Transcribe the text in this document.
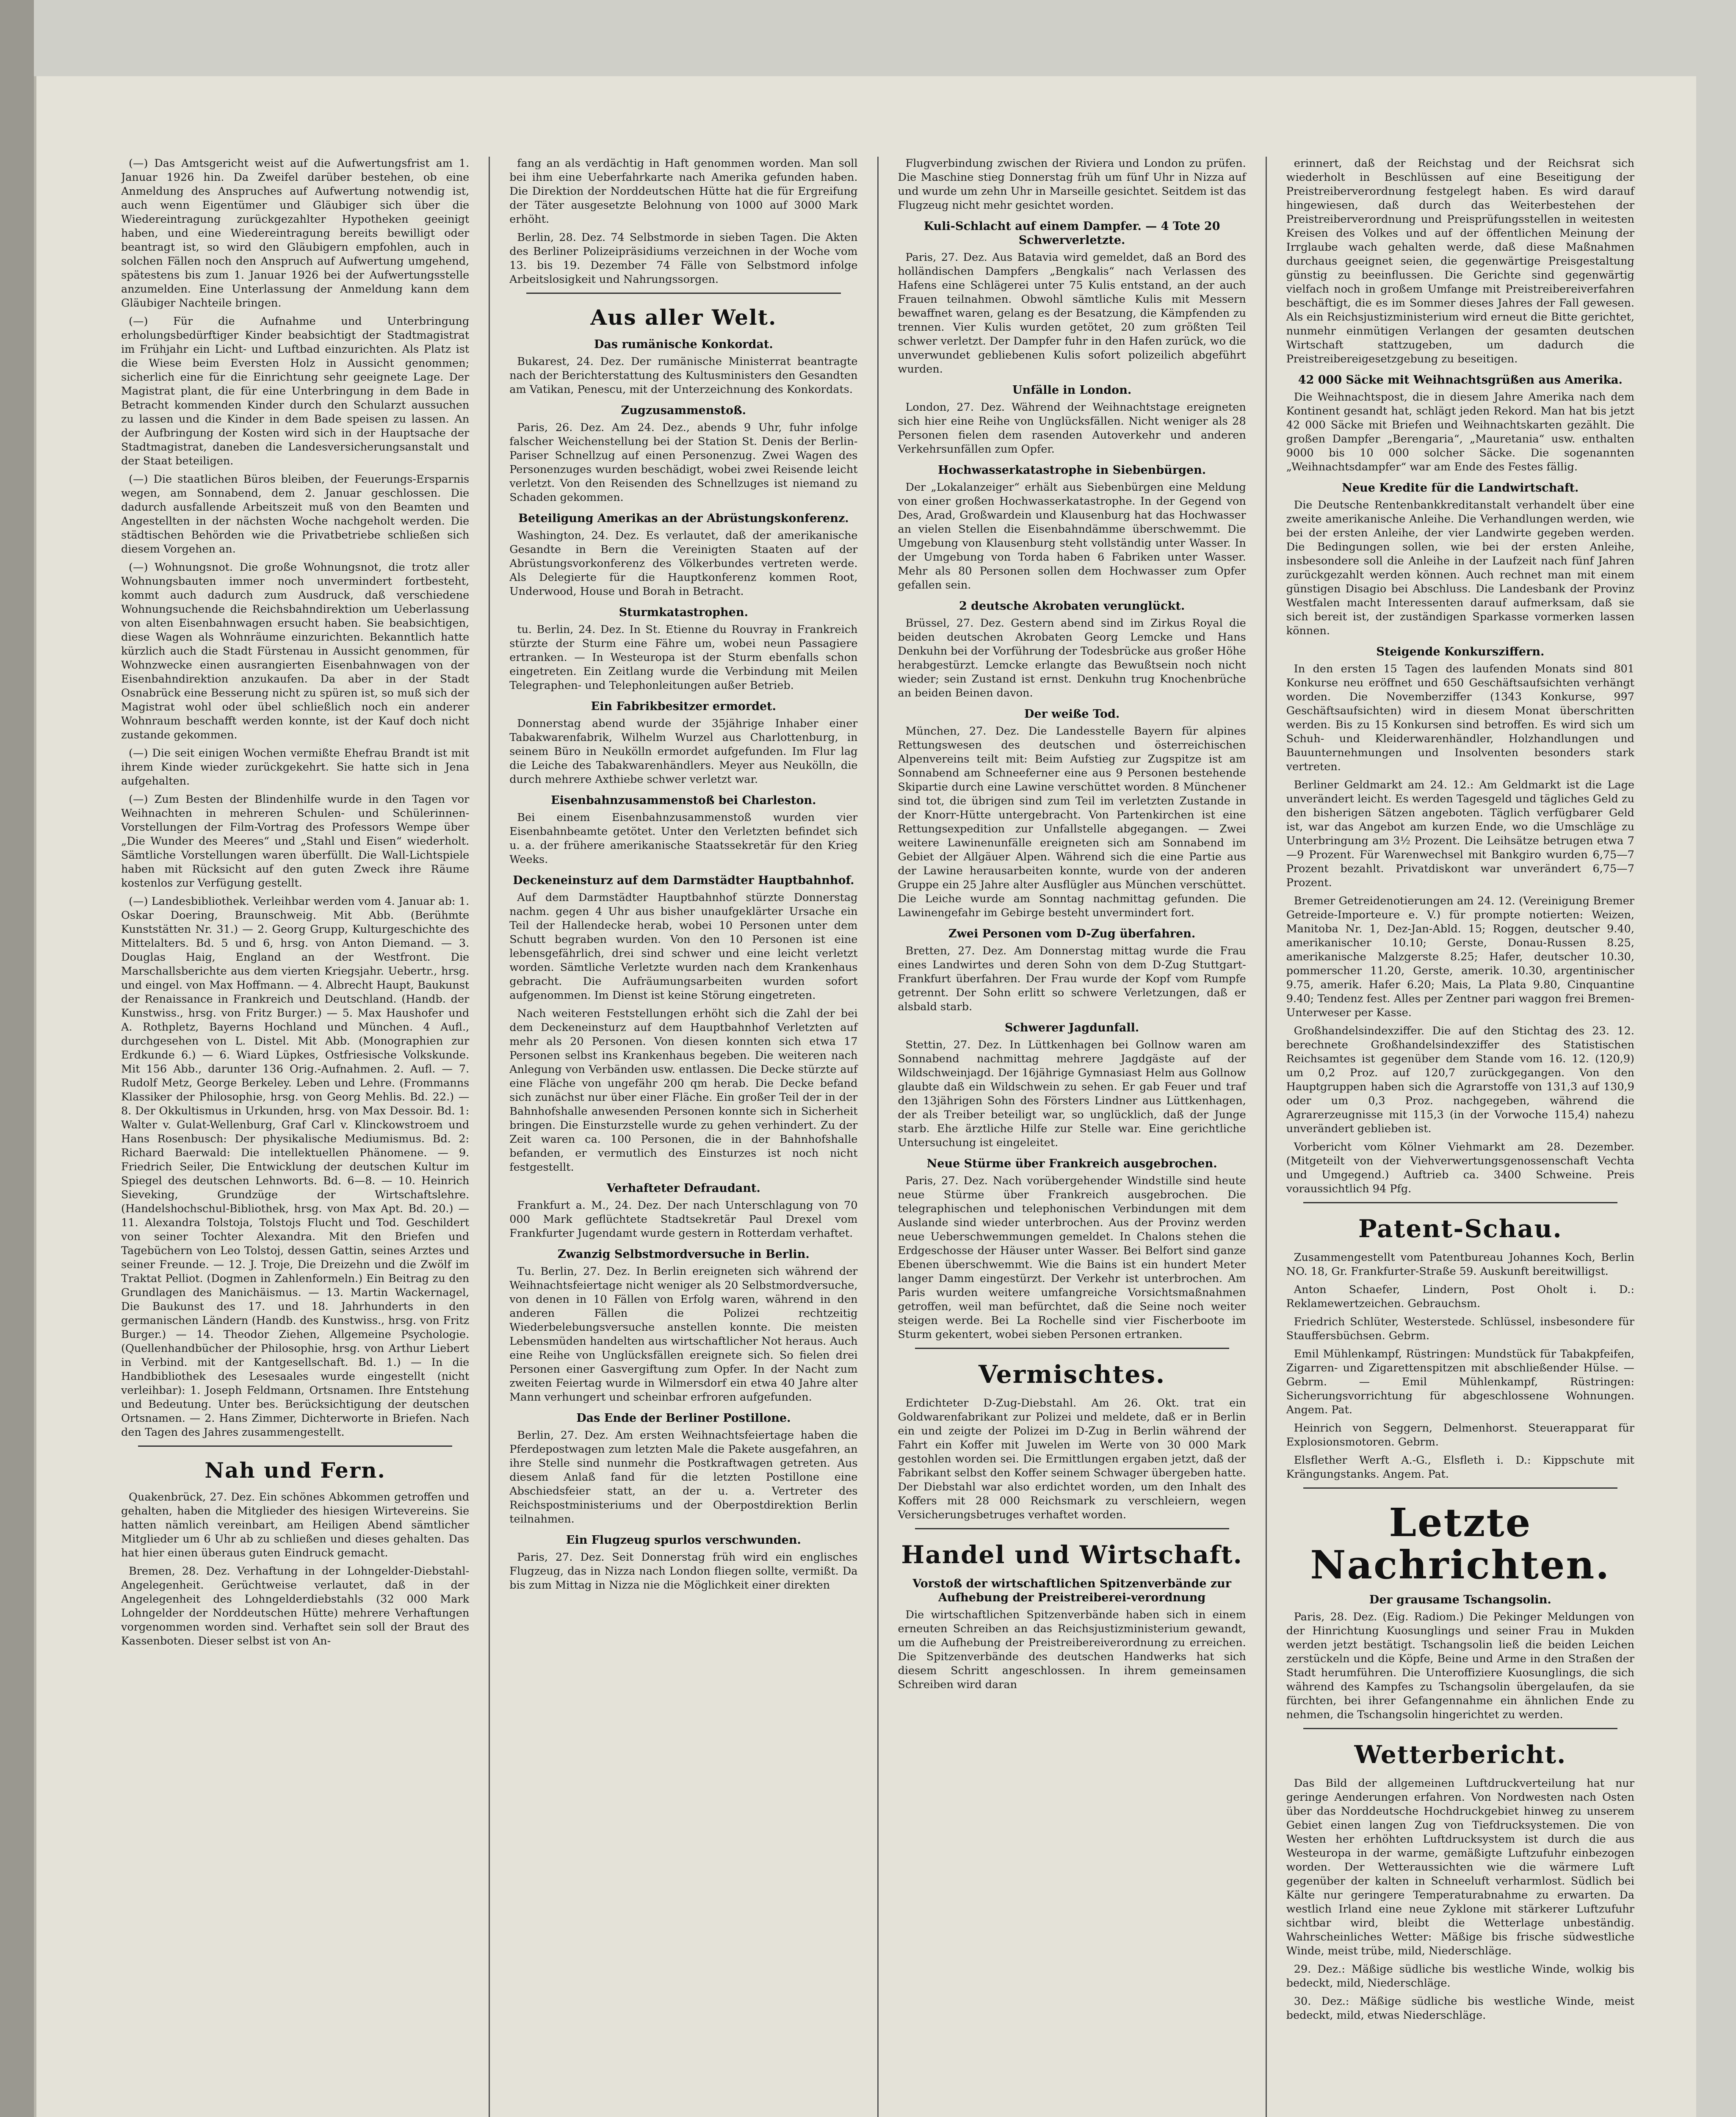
(—) Das Amtsgericht weist auf die Aufwertungsfrist am 1. Januar 1926 hin. Da Zweifel darüber bestehen, ob eine Anmeldung des Anspruches auf Aufwertung notwendig ist, auch wenn Eigentümer und Gläubiger sich über die Wiedereintragung zurückgezahlter Hypotheken geeinigt haben, und eine Wiedereintragung bereits bewilligt oder beantragt ist, so wird den Gläubigern empfohlen, auch in solchen Fällen noch den Anspruch auf Aufwertung umgehend, spätestens bis zum 1. Januar 1926 bei der Aufwertungsstelle anzumelden. Eine Unterlassung der Anmeldung kann dem Gläubiger Nachteile bringen.

(—) Für die Aufnahme und Unterbringung erholungsbedürftiger Kinder beabsichtigt der Stadtmagistrat im Frühjahr ein Licht- und Luftbad einzurichten. Als Platz ist die Wiese beim Eversten Holz in Aussicht genommen; sicherlich eine für die Einrichtung sehr geeignete Lage. Der Magistrat plant, die für eine Unterbringung in dem Bade in Betracht kommenden Kinder durch den Schularzt aussuchen zu lassen und die Kinder in dem Bade speisen zu lassen. An der Aufbringung der Kosten wird sich in der Hauptsache der Stadtmagistrat, daneben die Landesversicherungsanstalt und der Staat beteiligen.

(—) Die staatlichen Büros bleiben, der Feuerungs-Ersparnis wegen, am Sonnabend, dem 2. Januar geschlossen. Die dadurch ausfallende Arbeitszeit muß von den Beamten und Angestellten in der nächsten Woche nachgeholt werden. Die städtischen Behörden wie die Privatbetriebe schließen sich diesem Vorgehen an.

(—) Wohnungsnot. Die große Wohnungsnot, die trotz aller Wohnungsbauten immer noch unvermindert fortbesteht, kommt auch dadurch zum Ausdruck, daß verschiedene Wohnungsuchende die Reichsbahndirektion um Ueberlassung von alten Eisenbahnwagen ersucht haben. Sie beabsichtigen, diese Wagen als Wohnräume einzurichten. Bekanntlich hatte kürzlich auch die Stadt Fürstenau in Aussicht genommen, für Wohnzwecke einen ausrangierten Eisenbahnwagen von der Eisenbahndirektion anzukaufen. Da aber in der Stadt Osnabrück eine Besserung nicht zu spüren ist, so muß sich der Magistrat wohl oder übel schließlich noch ein anderer Wohnraum beschafft werden konnte, ist der Kauf doch nicht zustande gekommen.

(—) Die seit einigen Wochen vermißte Ehefrau Brandt ist mit ihrem Kinde wieder zurückgekehrt. Sie hatte sich in Jena aufgehalten.

(—) Zum Besten der Blindenhilfe wurde in den Tagen vor Weihnachten in mehreren Schulen- und Schülerinnen-Vorstellungen der Film-Vortrag des Professors Wempe über „Die Wunder des Meeres“ und „Stahl und Eisen“ wiederholt. Sämtliche Vorstellungen waren überfüllt. Die Wall-Lichtspiele haben mit Rücksicht auf den guten Zweck ihre Räume kostenlos zur Verfügung gestellt.

(—) Landesbibliothek. Verleihbar werden vom 4. Januar ab: 1. Oskar Doering, Braunschweig. Mit Abb. (Berühmte Kunststätten Nr. 31.) — 2. Georg Grupp, Kulturgeschichte des Mittelalters. Bd. 5 und 6, hrsg. von Anton Diemand. — 3. Douglas Haig, England an der Westfront. Die Marschallsberichte aus dem vierten Kriegsjahr. Uebertr., hrsg. und eingel. von Max Hoffmann. — 4. Albrecht Haupt, Baukunst der Renaissance in Frankreich und Deutschland. (Handb. der Kunstwiss., hrsg. von Fritz Burger.) — 5. Max Haushofer und A. Rothpletz, Bayerns Hochland und München. 4 Aufl., durchgesehen von L. Distel. Mit Abb. (Monographien zur Erdkunde 6.) — 6. Wiard Lüpkes, Ostfriesische Volkskunde. Mit 156 Abb., darunter 136 Orig.-Aufnahmen. 2. Aufl. — 7. Rudolf Metz, George Berkeley. Leben und Lehre. (Frommanns Klassiker der Philosophie, hrsg. von Georg Mehlis. Bd. 22.) — 8. Der Okkultismus in Urkunden, hrsg. von Max Dessoir. Bd. 1: Walter v. Gulat-Wellenburg, Graf Carl v. Klinckowstroem und Hans Rosenbusch: Der physikalische Mediumismus. Bd. 2: Richard Baerwald: Die intellektuellen Phänomene. — 9. Friedrich Seiler, Die Entwicklung der deutschen Kultur im Spiegel des deutschen Lehnworts. Bd. 6—8. — 10. Heinrich Sieveking, Grundzüge der Wirtschaftslehre. (Handelshochschul-Bibliothek, hrsg. von Max Apt. Bd. 20.) — 11. Alexandra Tolstoja, Tolstojs Flucht und Tod. Geschildert von seiner Tochter Alexandra. Mit den Briefen und Tagebüchern von Leo Tolstoj, dessen Gattin, seines Arztes und seiner Freunde. — 12. J. Troje, Die Dreizehn und die Zwölf im Traktat Pelliot. (Dogmen in Zahlenformeln.) Ein Beitrag zu den Grundlagen des Manichäismus. — 13. Martin Wackernagel, Die Baukunst des 17. und 18. Jahrhunderts in den germanischen Ländern (Handb. des Kunstwiss., hrsg. von Fritz Burger.) — 14. Theodor Ziehen, Allgemeine Psychologie. (Quellenhandbücher der Philosophie, hrsg. von Arthur Liebert in Verbind. mit der Kantgesellschaft. Bd. 1.) — In die Handbibliothek des Lesesaales wurde eingestellt (nicht verleihbar): 1. Joseph Feldmann, Ortsnamen. Ihre Entstehung und Bedeutung. Unter bes. Berücksichtigung der deutschen Ortsnamen. — 2. Hans Zimmer, Dichterworte in Briefen. Nach den Tagen des Jahres zusammengestellt.

Nah und Fern.

Quakenbrück, 27. Dez. Ein schönes Abkommen getroffen und gehalten, haben die Mitglieder des hiesigen Wirtevereins. Sie hatten nämlich vereinbart, am Heiligen Abend sämtlicher Mitglieder um 6 Uhr ab zu schließen und dieses gehalten. Das hat hier einen überaus guten Eindruck gemacht.

Bremen, 28. Dez. Verhaftung in der Lohngelder-Diebstahl-Angelegenheit. Gerüchtweise verlautet, daß in der Angelegenheit des Lohngelderdiebstahls (32 000 Mark Lohngelder der Norddeutschen Hütte) mehrere Verhaftungen vorgenommen worden sind. Verhaftet sein soll der Braut des Kassenboten. Dieser selbst ist von An-

fang an als verdächtig in Haft genommen worden. Man soll bei ihm eine Ueberfahrkarte nach Amerika gefunden haben. Die Direktion der Norddeutschen Hütte hat die für Ergreifung der Täter ausgesetzte Belohnung von 1000 auf 3000 Mark erhöht.

Berlin, 28. Dez. 74 Selbstmorde in sieben Tagen. Die Akten des Berliner Polizeipräsidiums verzeichnen in der Woche vom 13. bis 19. Dezember 74 Fälle von Selbstmord infolge Arbeitslosigkeit und Nahrungssorgen.

Aus aller Welt.
Das rumänische Konkordat.

Bukarest, 24. Dez. Der rumänische Ministerrat beantragte nach der Berichterstattung des Kultusministers den Gesandten am Vatikan, Penescu, mit der Unterzeichnung des Konkordats.

Zugzusammenstoß.

Paris, 26. Dez. Am 24. Dez., abends 9 Uhr, fuhr infolge falscher Weichenstellung bei der Station St. Denis der Berlin-Pariser Schnellzug auf einen Personenzug. Zwei Wagen des Personenzuges wurden beschädigt, wobei zwei Reisende leicht verletzt. Von den Reisenden des Schnellzuges ist niemand zu Schaden gekommen.

Beteiligung Amerikas an der Abrüstungskonferenz.

Washington, 24. Dez. Es verlautet, daß der amerikanische Gesandte in Bern die Vereinigten Staaten auf der Abrüstungsvorkonferenz des Völkerbundes vertreten werde. Als Delegierte für die Hauptkonferenz kommen Root, Underwood, House und Borah in Betracht.

Sturmkatastrophen.

tu. Berlin, 24. Dez. In St. Etienne du Rouvray in Frankreich stürzte der Sturm eine Fähre um, wobei neun Passagiere ertranken. — In Westeuropa ist der Sturm ebenfalls schon eingetreten. Ein Zeitlang wurde die Verbindung mit Meilen Telegraphen- und Telephonleitungen außer Betrieb.

Ein Fabrikbesitzer ermordet.

Donnerstag abend wurde der 35jährige Inhaber einer Tabakwarenfabrik, Wilhelm Wurzel aus Charlottenburg, in seinem Büro in Neukölln ermordet aufgefunden. Im Flur lag die Leiche des Tabakwarenhändlers. Meyer aus Neukölln, die durch mehrere Axthiebe schwer verletzt war.

Eisenbahnzusammenstoß bei Charleston.

Bei einem Eisenbahnzusammenstoß wurden vier Eisenbahnbeamte getötet. Unter den Verletzten befindet sich u. a. der frühere amerikanische Staatssekretär für den Krieg Weeks.

Deckeneinsturz auf dem Darmstädter Hauptbahnhof.

Auf dem Darmstädter Hauptbahnhof stürzte Donnerstag nachm. gegen 4 Uhr aus bisher unaufgeklärter Ursache ein Teil der Hallendecke herab, wobei 10 Personen unter dem Schutt begraben wurden. Von den 10 Personen ist eine lebensgefährlich, drei sind schwer und eine leicht verletzt worden. Sämtliche Verletzte wurden nach dem Krankenhaus gebracht. Die Aufräumungsarbeiten wurden sofort aufgenommen. Im Dienst ist keine Störung eingetreten.

Nach weiteren Feststellungen erhöht sich die Zahl der bei dem Deckeneinsturz auf dem Hauptbahnhof Verletzten auf mehr als 20 Personen. Von diesen konnten sich etwa 17 Personen selbst ins Krankenhaus begeben. Die weiteren nach Anlegung von Verbänden usw. entlassen. Die Decke stürzte auf eine Fläche von ungefähr 200 qm herab. Die Decke befand sich zunächst nur über einer Fläche. Ein großer Teil der in der Bahnhofshalle anwesenden Personen konnte sich in Sicherheit bringen. Die Einsturzstelle wurde zu gehen verhindert. Zu der Zeit waren ca. 100 Personen, die in der Bahnhofshalle befanden, er vermutlich des Einsturzes ist noch nicht festgestellt.

Verhafteter Defraudant.

Frankfurt a. M., 24. Dez. Der nach Unterschlagung von 70 000 Mark geflüchtete Stadtsekretär Paul Drexel vom Frankfurter Jugendamt wurde gestern in Rotterdam verhaftet.

Zwanzig Selbstmordversuche in Berlin.

Tu. Berlin, 27. Dez. In Berlin ereigneten sich während der Weihnachtsfeiertage nicht weniger als 20 Selbstmordversuche, von denen in 10 Fällen von Erfolg waren, während in den anderen Fällen die Polizei rechtzeitig Wiederbelebungsversuche anstellen konnte. Die meisten Lebensmüden handelten aus wirtschaftlicher Not heraus. Auch eine Reihe von Unglücksfällen ereignete sich. So fielen drei Personen einer Gasvergiftung zum Opfer. In der Nacht zum zweiten Feiertag wurde in Wilmersdorf ein etwa 40 Jahre alter Mann verhungert und scheinbar erfroren aufgefunden.

Das Ende der Berliner Postillone.

Berlin, 27. Dez. Am ersten Weihnachtsfeiertage haben die Pferdepostwagen zum letzten Male die Pakete ausgefahren, an ihre Stelle sind nunmehr die Postkraftwagen getreten. Aus diesem Anlaß fand für die letzten Postillone eine Abschiedsfeier statt, an der u. a. Vertreter des Reichspostministeriums und der Oberpostdirektion Berlin teilnahmen.

Ein Flugzeug spurlos verschwunden.

Paris, 27. Dez. Seit Donnerstag früh wird ein englisches Flugzeug, das in Nizza nach London fliegen sollte, vermißt. Da bis zum Mittag in Nizza nie die Möglichkeit einer direkten

Flugverbindung zwischen der Riviera und London zu prüfen. Die Maschine stieg Donnerstag früh um fünf Uhr in Nizza auf und wurde um zehn Uhr in Marseille gesichtet. Seitdem ist das Flugzeug nicht mehr gesichtet worden.

Kuli-Schlacht auf einem Dampfer. — 4 Tote 20 Schwerverletzte.

Paris, 27. Dez. Aus Batavia wird gemeldet, daß an Bord des holländischen Dampfers „Bengkalis“ nach Verlassen des Hafens eine Schlägerei unter 75 Kulis entstand, an der auch Frauen teilnahmen. Obwohl sämtliche Kulis mit Messern bewaffnet waren, gelang es der Besatzung, die Kämpfenden zu trennen. Vier Kulis wurden getötet, 20 zum größten Teil schwer verletzt. Der Dampfer fuhr in den Hafen zurück, wo die unverwundet gebliebenen Kulis sofort polizeilich abgeführt wurden.

Unfälle in London.

London, 27. Dez. Während der Weihnachtstage ereigneten sich hier eine Reihe von Unglücksfällen. Nicht weniger als 28 Personen fielen dem rasenden Autoverkehr und anderen Verkehrsunfällen zum Opfer.

Hochwasserkatastrophe in Siebenbürgen.

Der „Lokalanzeiger“ erhält aus Siebenbürgen eine Meldung von einer großen Hochwasserkatastrophe. In der Gegend von Des, Arad, Großwardein und Klausenburg hat das Hochwasser an vielen Stellen die Eisenbahndämme überschwemmt. Die Umgebung von Klausenburg steht vollständig unter Wasser. In der Umgebung von Torda haben 6 Fabriken unter Wasser. Mehr als 80 Personen sollen dem Hochwasser zum Opfer gefallen sein.

2 deutsche Akrobaten verunglückt.

Brüssel, 27. Dez. Gestern abend sind im Zirkus Royal die beiden deutschen Akrobaten Georg Lemcke und Hans Denkuhn bei der Vorführung der Todesbrücke aus großer Höhe herabgestürzt. Lemcke erlangte das Bewußtsein noch nicht wieder; sein Zustand ist ernst. Denkuhn trug Knochenbrüche an beiden Beinen davon.

Der weiße Tod.

München, 27. Dez. Die Landesstelle Bayern für alpines Rettungswesen des deutschen und österreichischen Alpenvereins teilt mit: Beim Aufstieg zur Zugspitze ist am Sonnabend am Schneeferner eine aus 9 Personen bestehende Skipartie durch eine Lawine verschüttet worden. 8 Münchener sind tot, die übrigen sind zum Teil im verletzten Zustande in der Knorr-Hütte untergebracht. Von Partenkirchen ist eine Rettungsexpedition zur Unfallstelle abgegangen. — Zwei weitere Lawinenunfälle ereigneten sich am Sonnabend im Gebiet der Allgäuer Alpen. Während sich die eine Partie aus der Lawine herausarbeiten konnte, wurde von der anderen Gruppe ein 25 Jahre alter Ausflügler aus München verschüttet. Die Leiche wurde am Sonntag nachmittag gefunden. Die Lawinengefahr im Gebirge besteht unvermindert fort.

Zwei Personen vom D-Zug überfahren.

Bretten, 27. Dez. Am Donnerstag mittag wurde die Frau eines Landwirtes und deren Sohn von dem D-Zug Stuttgart-Frankfurt überfahren. Der Frau wurde der Kopf vom Rumpfe getrennt. Der Sohn erlitt so schwere Verletzungen, daß er alsbald starb.

Schwerer Jagdunfall.

Stettin, 27. Dez. In Lüttkenhagen bei Gollnow waren am Sonnabend nachmittag mehrere Jagdgäste auf der Wildschweinjagd. Der 16jährige Gymnasiast Helm aus Gollnow glaubte daß ein Wildschwein zu sehen. Er gab Feuer und traf den 13jährigen Sohn des Försters Lindner aus Lüttkenhagen, der als Treiber beteiligt war, so unglücklich, daß der Junge starb. Ehe ärztliche Hilfe zur Stelle war. Eine gerichtliche Untersuchung ist eingeleitet.

Neue Stürme über Frankreich ausgebrochen.

Paris, 27. Dez. Nach vorübergehender Windstille sind heute neue Stürme über Frankreich ausgebrochen. Die telegraphischen und telephonischen Verbindungen mit dem Auslande sind wieder unterbrochen. Aus der Provinz werden neue Ueberschwemmungen gemeldet. In Chalons stehen die Erdgeschosse der Häuser unter Wasser. Bei Belfort sind ganze Ebenen überschwemmt. Wie die Bains ist ein hundert Meter langer Damm eingestürzt. Der Verkehr ist unterbrochen. Am Paris wurden weitere umfangreiche Vorsichtsmaßnahmen getroffen, weil man befürchtet, daß die Seine noch weiter steigen werde. Bei La Rochelle sind vier Fischerboote im Sturm gekentert, wobei sieben Personen ertranken.

Vermischtes.

Erdichteter D-Zug-Diebstahl. Am 26. Okt. trat ein Goldwarenfabrikant zur Polizei und meldete, daß er in Berlin ein und zeigte der Polizei im D-Zug in Berlin während der Fahrt ein Koffer mit Juwelen im Werte von 30 000 Mark gestohlen worden sei. Die Ermittlungen ergaben jetzt, daß der Fabrikant selbst den Koffer seinem Schwager übergeben hatte. Der Diebstahl war also erdichtet worden, um den Inhalt des Koffers mit 28 000 Reichsmark zu verschleiern, wegen Versicherungsbetruges verhaftet worden.

Handel und Wirtschaft.
Vorstoß der wirtschaftlichen Spitzenverbände zur Aufhebung der Preistreiberei-verordnung

Die wirtschaftlichen Spitzenverbände haben sich in einem erneuten Schreiben an das Reichsjustizministerium gewandt, um die Aufhebung der Preistreibereiverordnung zu erreichen. Die Spitzenverbände des deutschen Handwerks hat sich diesem Schritt angeschlossen. In ihrem gemeinsamen Schreiben wird daran

erinnert, daß der Reichstag und der Reichsrat sich wiederholt in Beschlüssen auf eine Beseitigung der Preistreiberverordnung festgelegt haben. Es wird darauf hingewiesen, daß durch das Weiterbestehen der Preistreiberverordnung und Preisprüfungsstellen in weitesten Kreisen des Volkes und auf der öffentlichen Meinung der Irrglaube wach gehalten werde, daß diese Maßnahmen durchaus geeignet seien, die gegenwärtige Preisgestaltung günstig zu beeinflussen. Die Gerichte sind gegenwärtig vielfach noch in großem Umfange mit Preistreibereiverfahren beschäftigt, die es im Sommer dieses Jahres der Fall gewesen. Als ein Reichsjustizministerium wird erneut die Bitte gerichtet, nunmehr einmütigen Verlangen der gesamten deutschen Wirtschaft stattzugeben, um dadurch die Preistreibereigesetzgebung zu beseitigen.

42 000 Säcke mit Weihnachtsgrüßen aus Amerika.

Die Weihnachtspost, die in diesem Jahre Amerika nach dem Kontinent gesandt hat, schlägt jeden Rekord. Man hat bis jetzt 42 000 Säcke mit Briefen und Weihnachtskarten gezählt. Die großen Dampfer „Berengaria“, „Mauretania“ usw. enthalten 9000 bis 10 000 solcher Säcke. Die sogenannten „Weihnachtsdampfer“ war am Ende des Festes fällig.

Neue Kredite für die Landwirtschaft.

Die Deutsche Rentenbankkreditanstalt verhandelt über eine zweite amerikanische Anleihe. Die Verhandlungen werden, wie bei der ersten Anleihe, der vier Landwirte gegeben werden. Die Bedingungen sollen, wie bei der ersten Anleihe, insbesondere soll die Anleihe in der Laufzeit nach fünf Jahren zurückgezahlt werden können. Auch rechnet man mit einem günstigen Disagio bei Abschluss. Die Landesbank der Provinz Westfalen macht Interessenten darauf aufmerksam, daß sie sich bereit ist, der zuständigen Sparkasse vormerken lassen können.

Steigende Konkursziffern.

In den ersten 15 Tagen des laufenden Monats sind 801 Konkurse neu eröffnet und 650 Geschäftsaufsichten verhängt worden. Die Novemberziffer (1343 Konkurse, 997 Geschäftsaufsichten) wird in diesem Monat überschritten werden. Bis zu 15 Konkursen sind betroffen. Es wird sich um Schuh- und Kleiderwarenhändler, Holzhandlungen und Bauunternehmungen und Insolventen besonders stark vertreten.

Berliner Geldmarkt am 24. 12.: Am Geldmarkt ist die Lage unverändert leicht. Es werden Tagesgeld und tägliches Geld zu den bisherigen Sätzen angeboten. Täglich verfügbarer Geld ist, war das Angebot am kurzen Ende, wo die Umschläge zu Unterbringung am 3½ Prozent. Die Leihsätze betrugen etwa 7—9 Prozent. Für Warenwechsel mit Bankgiro wurden 6,75—7 Prozent bezahlt. Privatdiskont war unverändert 6,75—7 Prozent.

Bremer Getreidenotierungen am 24. 12. (Vereinigung Bremer Getreide-Importeure e. V.) für prompte notierten: Weizen, Manitoba Nr. 1, Dez-Jan-Abld. 15; Roggen, deutscher 9.40, amerikanischer 10.10; Gerste, Donau-Russen 8.25, amerikanische Malzgerste 8.25; Hafer, deutscher 10.30, pommerscher 11.20, Gerste, amerik. 10.30, argentinischer 9.75, amerik. Hafer 6.20; Mais, La Plata 9.80, Cinquantine 9.40; Tendenz fest. Alles per Zentner pari waggon frei Bremen-Unterweser per Kasse.

Großhandelsindexziffer. Die auf den Stichtag des 23. 12. berechnete Großhandelsindexziffer des Statistischen Reichsamtes ist gegenüber dem Stande vom 16. 12. (120,9) um 0,2 Proz. auf 120,7 zurückgegangen. Von den Hauptgruppen haben sich die Agrarstoffe von 131,3 auf 130,9 oder um 0,3 Proz. nachgegeben, während die Agrarerzeugnisse mit 115,3 (in der Vorwoche 115,4) nahezu unverändert geblieben ist.

Vorbericht vom Kölner Viehmarkt am 28. Dezember. (Mitgeteilt von der Viehverwertungsgenossenschaft Vechta und Umgegend.) Auftrieb ca. 3400 Schweine. Preis voraussichtlich 94 Pfg.

Patent-Schau.

Zusammengestellt vom Patentbureau Johannes Koch, Berlin NO. 18, Gr. Frankfurter-Straße 59. Auskunft bereitwilligst.

Anton Schaefer, Lindern, Post Oholt i. D.: Reklamewertzeichen. Gebrauchsm.

Friedrich Schlüter, Westerstede. Schlüssel, insbesondere für Stauffersbüchsen. Gebrm.

Emil Mühlenkampf, Rüstringen: Mundstück für Tabakpfeifen, Zigarren- und Zigarettenspitzen mit abschließender Hülse. — Gebrm. — Emil Mühlenkampf, Rüstringen: Sicherungsvorrichtung für abgeschlossene Wohnungen. Angem. Pat.

Heinrich von Seggern, Delmenhorst. Steuerapparat für Explosionsmotoren. Gebrm.

Elsflether Werft A.-G., Elsfleth i. D.: Kippschute mit Krängungstanks. Angem. Pat.

Letzte Nachrichten.
Der grausame Tschangsolin.

Paris, 28. Dez. (Eig. Radiom.) Die Pekinger Meldungen von der Hinrichtung Kuosunglings und seiner Frau in Mukden werden jetzt bestätigt. Tschangsolin ließ die beiden Leichen zerstückeln und die Köpfe, Beine und Arme in den Straßen der Stadt herumführen. Die Unteroffiziere Kuosunglings, die sich während des Kampfes zu Tschangsolin übergelaufen, da sie fürchten, bei ihrer Gefangennahme ein ähnlichen Ende zu nehmen, die Tschangsolin hingerichtet zu werden.

Wetterbericht.

Das Bild der allgemeinen Luftdruckverteilung hat nur geringe Aenderungen erfahren. Von Nordwesten nach Osten über das Norddeutsche Hochdruckgebiet hinweg zu unserem Gebiet einen langen Zug von Tiefdrucksystemen. Die von Westen her erhöhten Luftdrucksystem ist durch die aus Westeuropa in der warme, gemäßigte Luftzufuhr einbezogen worden. Der Wetteraussichten wie die wärmere Luft gegenüber der kalten in Schneeluft verharmlost. Südlich bei Kälte nur geringere Temperaturabnahme zu erwarten. Da westlich Irland eine neue Zyklone mit stärkerer Luftzufuhr sichtbar wird, bleibt die Wetterlage unbeständig. Wahrscheinliches Wetter: Mäßige bis frische südwestliche Winde, meist trübe, mild, Niederschläge.

29. Dez.: Mäßige südliche bis westliche Winde, wolkig bis bedeckt, mild, Niederschläge.

30. Dez.: Mäßige südliche bis westliche Winde, meist bedeckt, mild, etwas Niederschläge.
